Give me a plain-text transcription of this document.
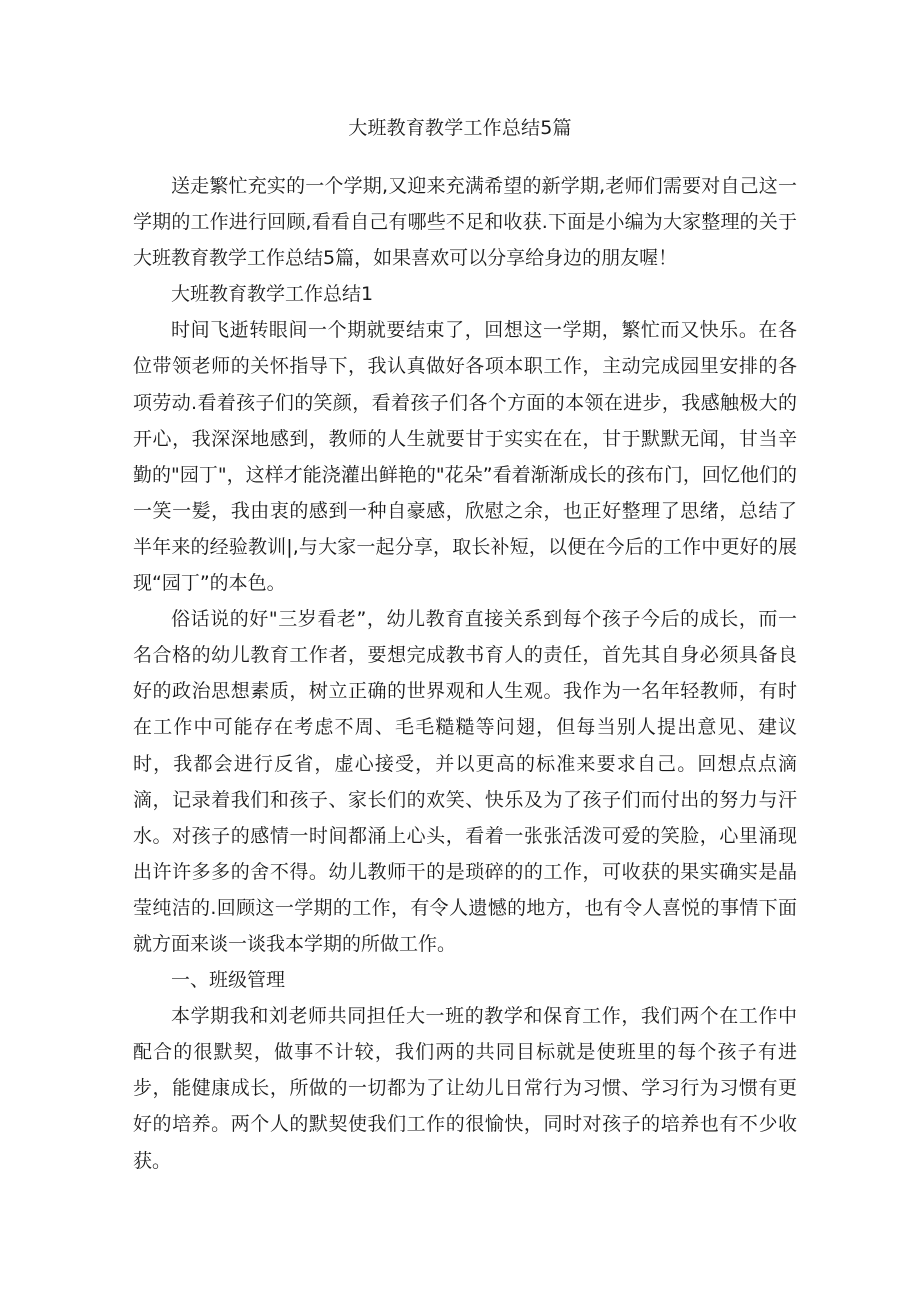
大班教育教学工作总结5篇

送走繁忙充实的一个学期,又迎来充满希望的新学期,老师们需要对自己这一学期的工作进行回顾,看看自己有哪些不足和收获.下面是小编为大家整理的关于大班教育教学工作总结5篇，如果喜欢可以分享给身边的朋友喔！

大班教育教学工作总结1

时间飞逝转眼间一个期就要结束了，回想这一学期，繁忙而又快乐。在各位带领老师的关怀指导下，我认真做好各项本职工作，主动完成园里安排的各项劳动.看着孩子们的笑颜，看着孩子们各个方面的本领在进步，我感触极大的开心，我深深地感到，教师的人生就要甘于实实在在，甘于默默无闻，甘当辛勤的"园丁"，这样才能浇灌出鲜艳的"花朵”看着渐渐成长的孩布门，回忆他们的一笑一髪，我由衷的感到一种自豪感，欣慰之余，也正好整理了思绪，总结了半年来的经验教训|,与大家一起分享，取长补短，以便在今后的工作中更好的展现“园丁”的本色。

俗话说的好"三岁看老”，幼儿教育直接关系到每个孩子今后的成长，而一名合格的幼儿教育工作者，要想完成教书育人的责任，首先其自身必须具备良好的政治思想素质，树立正确的世界观和人生观。我作为一名年轻教师，有时在工作中可能存在考虑不周、毛毛糙糙等问翅，但每当别人提出意见、建议时，我都会进行反省，虚心接受，并以更高的标准来要求自己。回想点点滴滴，记录着我们和孩子、家长们的欢笑、快乐及为了孩子们而付出的努力与汗水。对孩子的感情一时间都涌上心头，看着一张张活泼可爱的笑脸，心里涌现出许许多多的舍不得。幼儿教师干的是琐碎的的工作，可收获的果实确实是晶莹纯洁的.回顾这一学期的工作，有令人遗憾的地方，也有令人喜悦的事情下面就方面来谈一谈我本学期的所做工作。

一、班级管理

本学期我和刘老师共同担任大一班的教学和保育工作，我们两个在工作中配合的很默契，做事不计较，我们两的共同目标就是使班里的每个孩子有进步，能健康成长，所做的一切都为了让幼儿日常行为习惯、学习行为习惯有更好的培养。两个人的默契使我们工作的很愉快，同时对孩子的培养也有不少收获。
